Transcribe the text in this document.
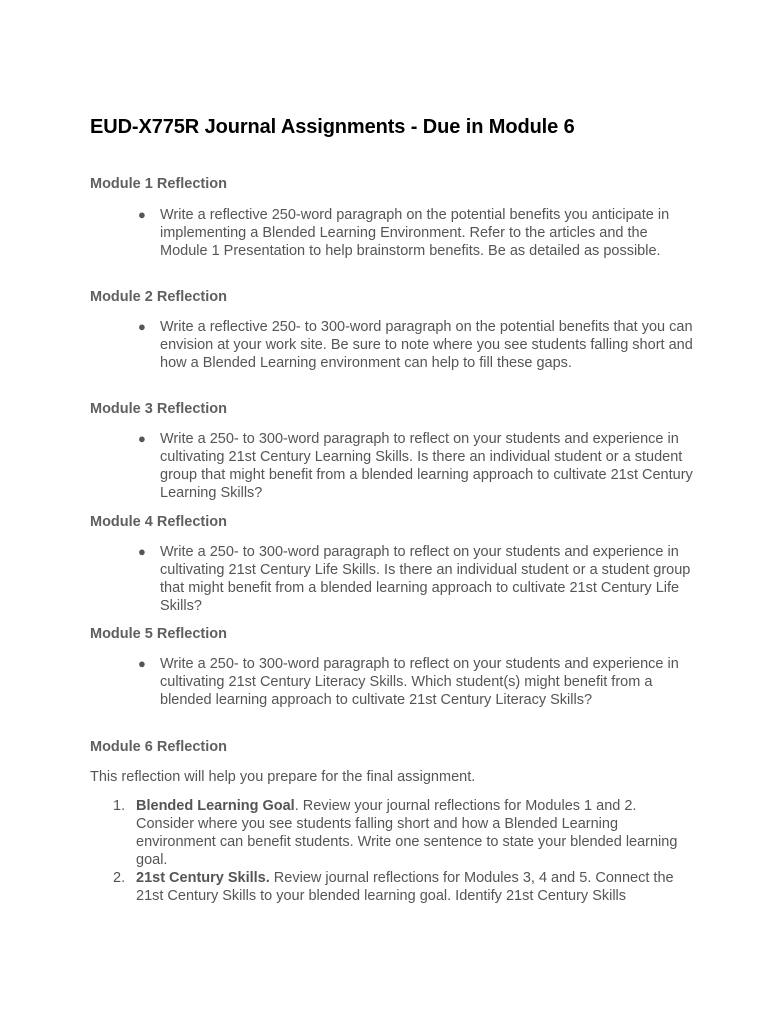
EUD-X775R Journal Assignments - Due in Module 6
Module 1 Reflection
● Write a reflective 250-word paragraph on the potential benefits you anticipate in implementing a Blended Learning Environment. Refer to the articles and the Module 1 Presentation to help brainstorm benefits. Be as detailed as possible.
Module 2 Reflection
● Write a reflective 250- to 300-word paragraph on the potential benefits that you can envision at your work site. Be sure to note where you see students falling short and how a Blended Learning environment can help to fill these gaps.
Module 3 Reflection
● Write a 250- to 300-word paragraph to reflect on your students and experience in cultivating 21st Century Learning Skills. Is there an individual student or a student group that might benefit from a blended learning approach to cultivate 21st Century Learning Skills?
Module 4 Reflection
● Write a 250- to 300-word paragraph to reflect on your students and experience in cultivating 21st Century Life Skills. Is there an individual student or a student group that might benefit from a blended learning approach to cultivate 21st Century Life Skills?
Module 5 Reflection
● Write a 250- to 300-word paragraph to reflect on your students and experience in cultivating 21st Century Literacy Skills. Which student(s) might benefit from a blended learning approach to cultivate 21st Century Literacy Skills?
Module 6 Reflection

This reflection will help you prepare for the final assignment.

1. Blended Learning Goal. Review your journal reflections for Modules 1 and 2. Consider where you see students falling short and how a Blended Learning environment can benefit students. Write one sentence to state your blended learning goal.
2. 21st Century Skills. Review journal reflections for Modules 3, 4 and 5. Connect the 21st Century Skills to your blended learning goal. Identify 21st Century Skills
